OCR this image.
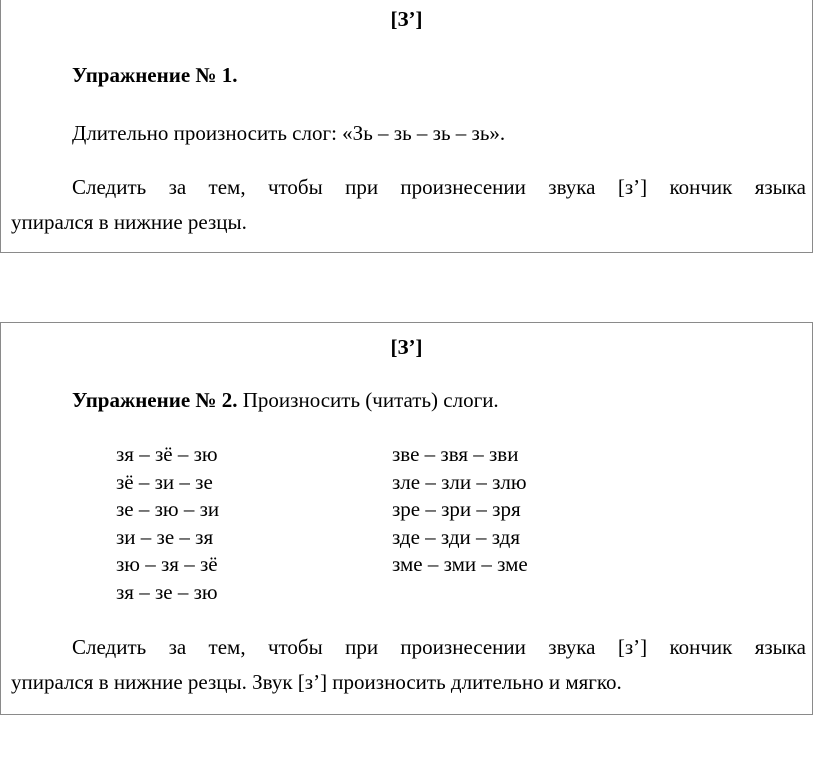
[З’]
Упражнение № 1.
Длительно произносить слог: «Зь – зь – зь – зь».
Следить за тем, чтобы при произнесении звука [з’] кончик языка
упирался в нижние резцы.
[З’]
Упражнение № 2. Произносить (читать) слоги.
зя – зё – зю
зё – зи – зе
зе – зю – зи
зи – зе – зя
зю – зя – зё
зя – зе – зю
зве – звя – зви
зле – зли – злю
зре – зри – зря
зде – зди – здя
зме – зми – зме
Следить за тем, чтобы при произнесении звука [з’] кончик языка
упирался в нижние резцы. Звук [з’] произносить длительно и мягко.
